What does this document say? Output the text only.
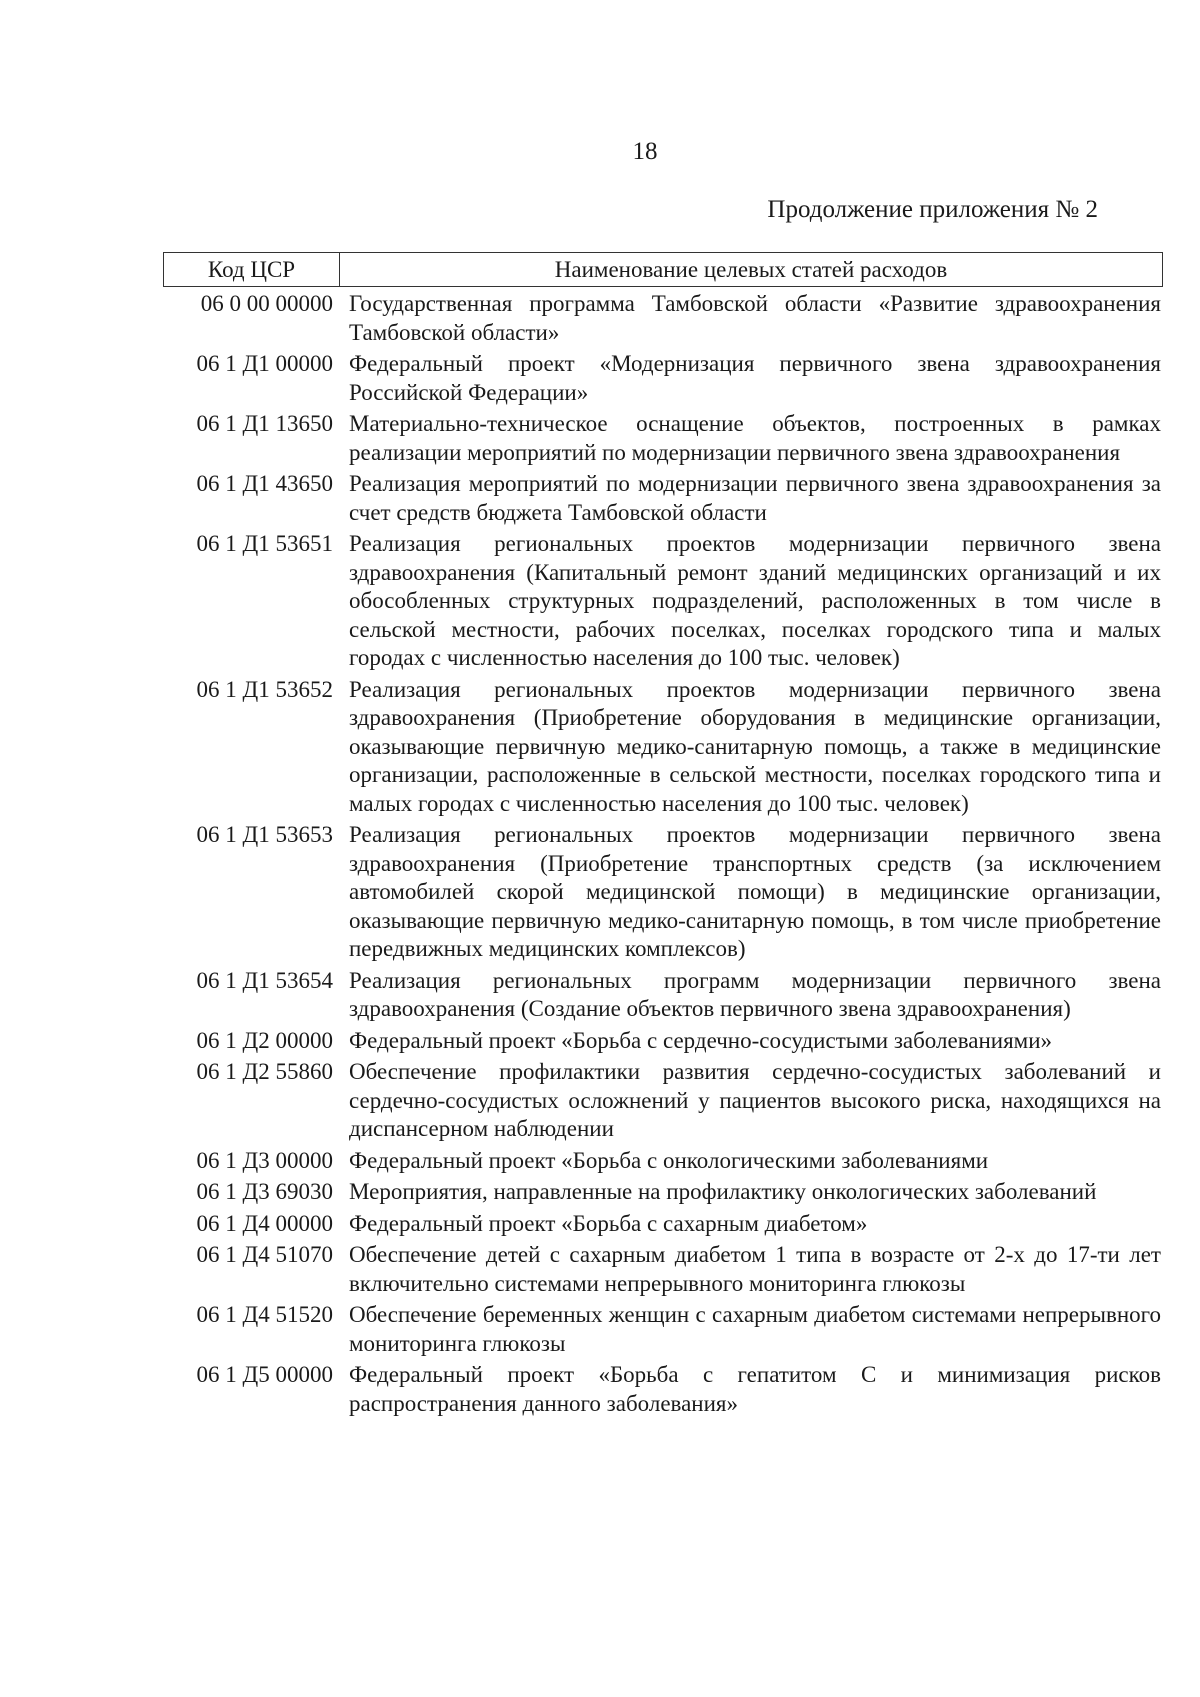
18
Продолжение приложения № 2
Код ЦСР	Наименование целевых статей расходов
06 0 00 00000 Государственная программа Тамбовской области «Развитие здравоохранения Тамбовской области»
06 1 Д1 00000 Федеральный проект «Модернизация первичного звена здравоохранения Российской Федерации»
06 1 Д1 13650 Материально-техническое оснащение объектов, построенных в рамках реализации мероприятий по модернизации первичного звена здравоохранения
06 1 Д1 43650 Реализация мероприятий по модернизации первичного звена здравоохранения за счет средств бюджета Тамбовской области
06 1 Д1 53651 Реализация региональных проектов модернизации первичного звена здравоохранения (Капитальный ремонт зданий медицинских организаций и их обособленных структурных подразделений, расположенных в том числе в сельской местности, рабочих поселках, поселках городского типа и малых городах с численностью населения до 100 тыс. человек)
06 1 Д1 53652 Реализация региональных проектов модернизации первичного звена здравоохранения (Приобретение оборудования в медицинские организации, оказывающие первичную медико-санитарную помощь, а также в медицинские организации, расположенные в сельской местности, поселках городского типа и малых городах с численностью населения до 100 тыс. человек)
06 1 Д1 53653 Реализация региональных проектов модернизации первичного звена здравоохранения (Приобретение транспортных средств (за исключением автомобилей скорой медицинской помощи) в медицинские организации, оказывающие первичную медико-санитарную помощь, в том числе приобретение передвижных медицинских комплексов)
06 1 Д1 53654 Реализация региональных программ модернизации первичного звена здравоохранения (Создание объектов первичного звена здравоохранения)
06 1 Д2 00000 Федеральный проект «Борьба с сердечно-сосудистыми заболеваниями»
06 1 Д2 55860 Обеспечение профилактики развития сердечно-сосудистых заболеваний и сердечно-сосудистых осложнений у пациентов высокого риска, находящихся на диспансерном наблюдении
06 1 Д3 00000 Федеральный проект «Борьба с онкологическими заболеваниями
06 1 Д3 69030 Мероприятия, направленные на профилактику онкологических заболеваний
06 1 Д4 00000 Федеральный проект «Борьба с сахарным диабетом»
06 1 Д4 51070 Обеспечение детей с сахарным диабетом 1 типа в возрасте от 2-х до 17-ти лет включительно системами непрерывного мониторинга глюкозы
06 1 Д4 51520 Обеспечение беременных женщин с сахарным диабетом системами непрерывного мониторинга глюкозы
06 1 Д5 00000 Федеральный проект «Борьба с гепатитом С и минимизация рисков распространения данного заболевания»
